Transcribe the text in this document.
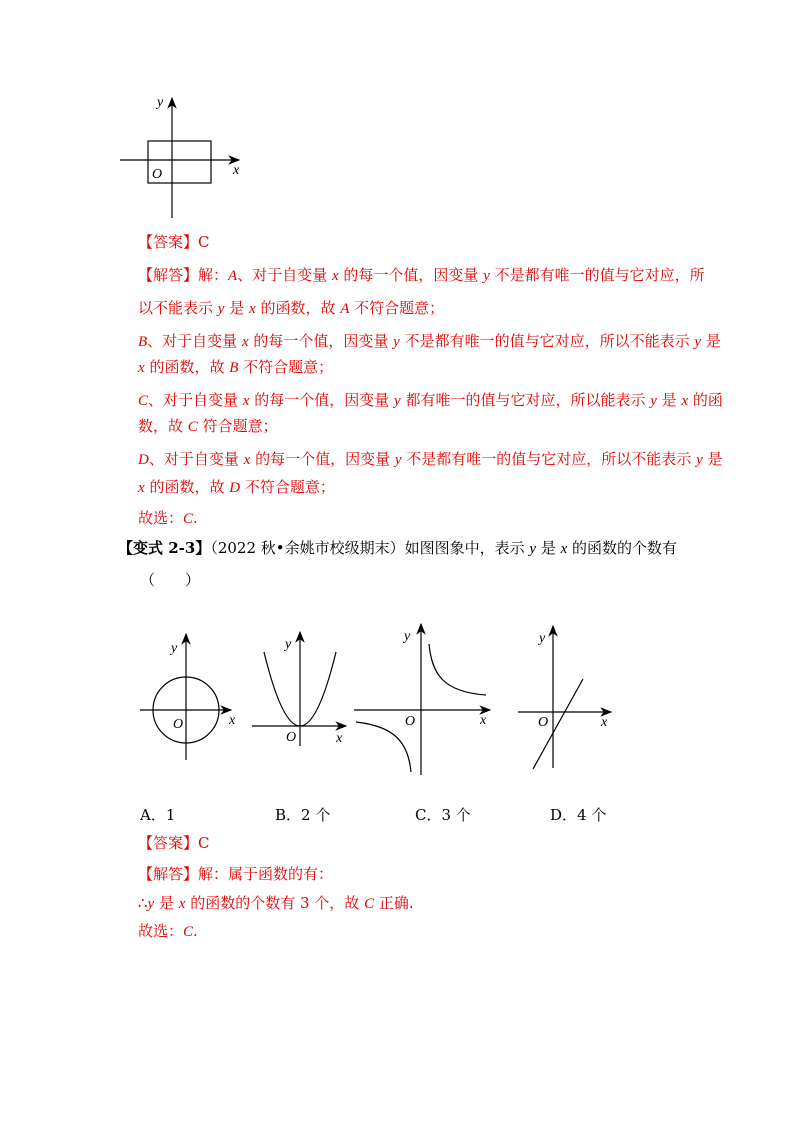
y
x
O
【答案】C
【解答】解：A、对于自变量 x 的每一个值，因变量 y 不是都有唯一的值与它对应，所
以不能表示 y 是 x 的函数，故 A 不符合题意；
B、对于自变量 x 的每一个值，因变量 y 不是都有唯一的值与它对应，所以不能表示 y 是
x 的函数，故 B 不符合题意；
C、对于自变量 x 的每一个值，因变量 y 都有唯一的值与它对应，所以能表示 y 是 x 的函
数，故 C 符合题意；
D、对于自变量 x 的每一个值，因变量 y 不是都有唯一的值与它对应，所以不能表示 y 是
x 的函数，故 D 不符合题意；
故选：C.
【变式 2-3】（2022 秋•余姚市校级期末）如图图象中，表示 y 是 x 的函数的个数有
（　　）
y
x
O
y
x
O
y
x
O
y
x
O
A．1	B．2 个	C．3 个	D．4 个
【答案】C
【解答】解：属于函数的有：
∴y 是 x 的函数的个数有 3 个，故 C 正确.
故选：C.
